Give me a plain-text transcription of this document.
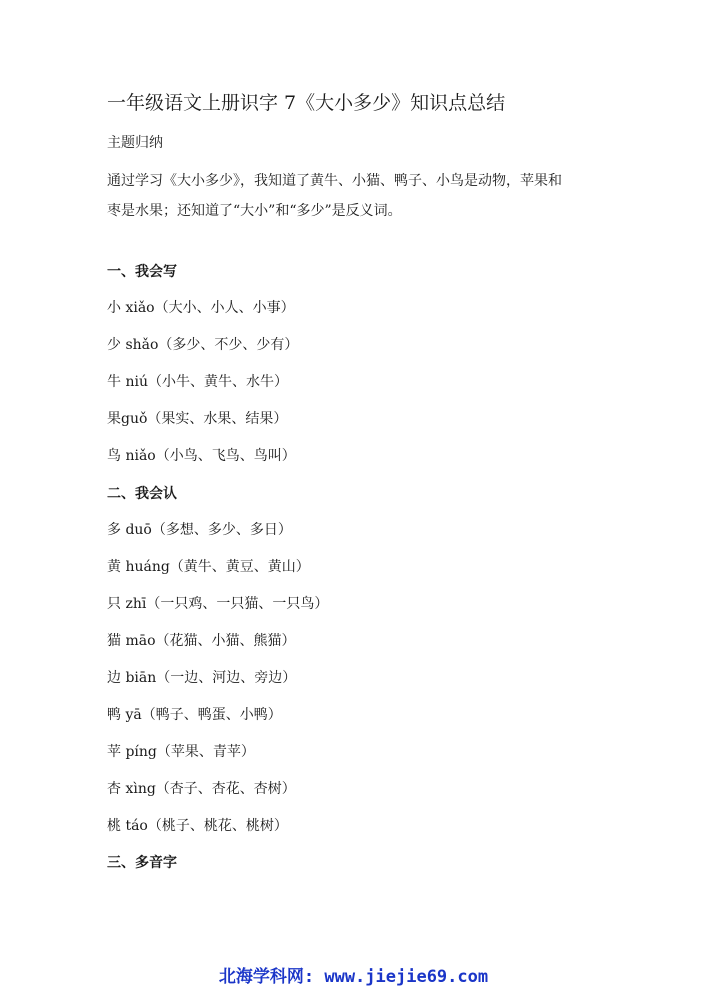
一年级语文上册识字 7《大小多少》知识点总结
主题归纳
通过学习《大小多少》，我知道了黄牛、小猫、鸭子、小鸟是动物，苹果和
枣是水果；还知道了“大小”和“多少”是反义词。
一、我会写
小 xiǎo（大小、小人、小事）
少 shǎo（多少、不少、少有）
牛 niú（小牛、黄牛、水牛）
果guǒ（果实、水果、结果）
鸟 niǎo（小鸟、飞鸟、鸟叫）
二、我会认
多 duō（多想、多少、多日）
黄 huáng（黄牛、黄豆、黄山）
只 zhī（一只鸡、一只猫、一只鸟）
猫 māo（花猫、小猫、熊猫）
边 biān（一边、河边、旁边）
鸭 yā（鸭子、鸭蛋、小鸭）
苹 píng（苹果、青苹）
杏 xìng（杏子、杏花、杏树）
桃 táo（桃子、桃花、桃树）
三、多音字
北海学科网: www.jiejie69.com
